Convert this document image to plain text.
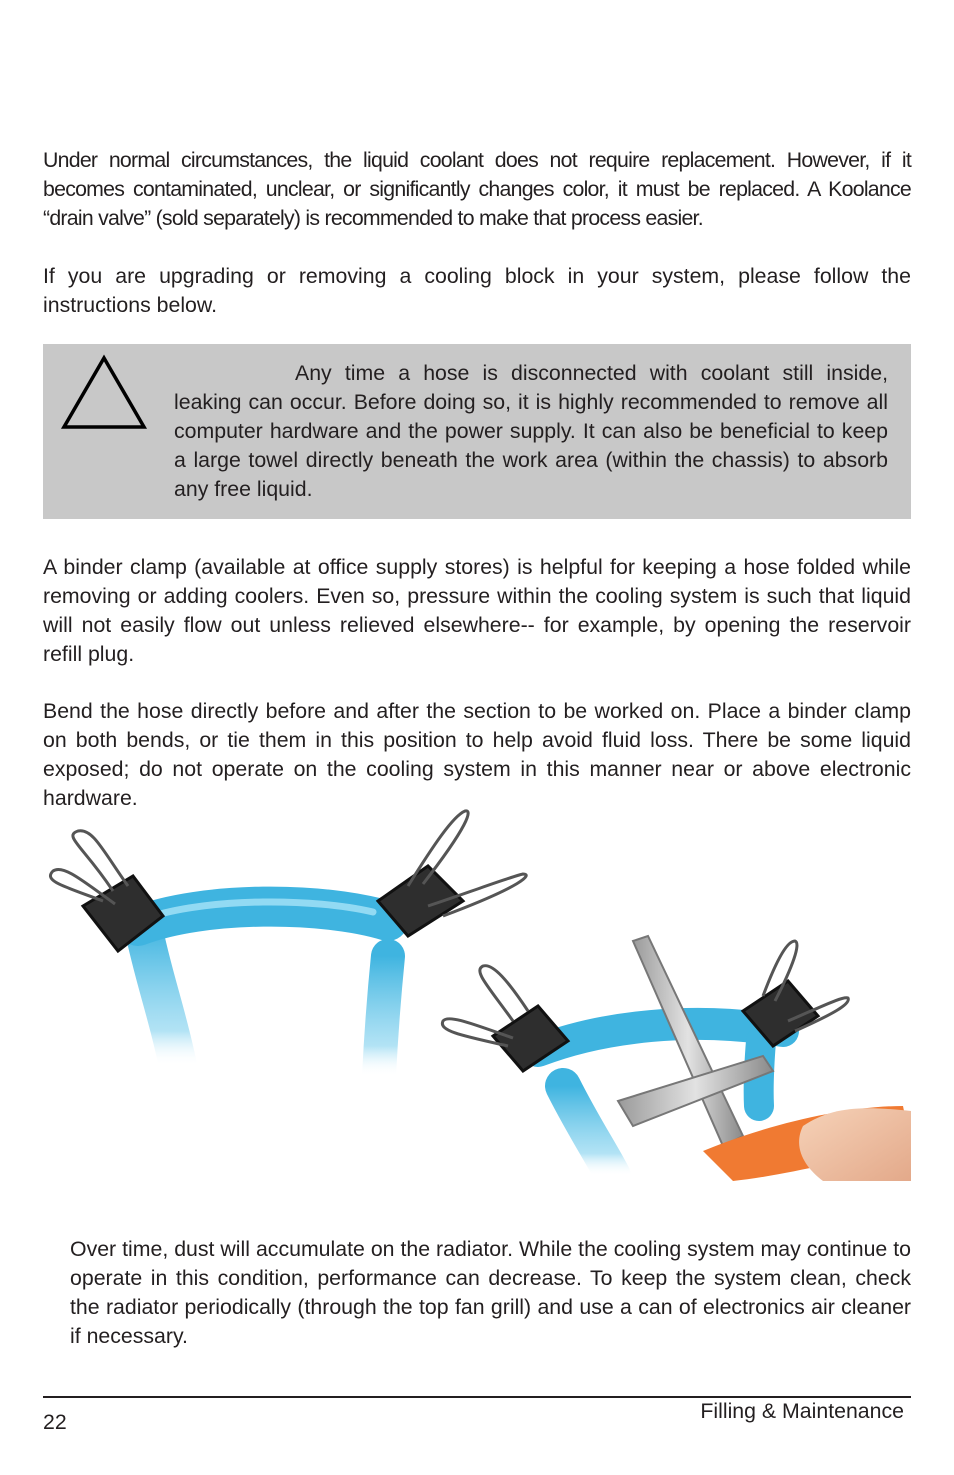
Under normal circumstances, the liquid coolant does not require replacement. However, if it becomes contaminated, unclear, or significantly changes color, it must be replaced. A Koolance “drain valve” (sold separately) is recommended to make that process easier.

If you are upgrading or removing a cooling block in your system, please follow the instructions below.

Any time a hose is disconnected with coolant still inside, leaking can occur. Before doing so, it is highly recommended to remove all computer hardware and the power supply. It can also be beneficial to keep a large towel directly beneath the work area (within the chassis) to absorb any free liquid.

A binder clamp (available at office supply stores) is helpful for keeping a hose folded while removing or adding coolers. Even so, pressure within the cooling system is such that liquid will not easily flow out unless relieved elsewhere-- for example, by opening the reservoir refill plug.

Bend the hose directly before and after the section to be worked on. Place a binder clamp on both bends, or tie them in this position to help avoid fluid loss. There be some liquid exposed; do not operate on the cooling system in this manner near or above electronic hardware.

Over time, dust will accumulate on the radiator. While the cooling system may continue to operate in this condition, performance can decrease. To keep the system clean, check the radiator periodically (through the top fan grill) and use a can of electronics air cleaner if necessary.

22	Filling & Maintenance
